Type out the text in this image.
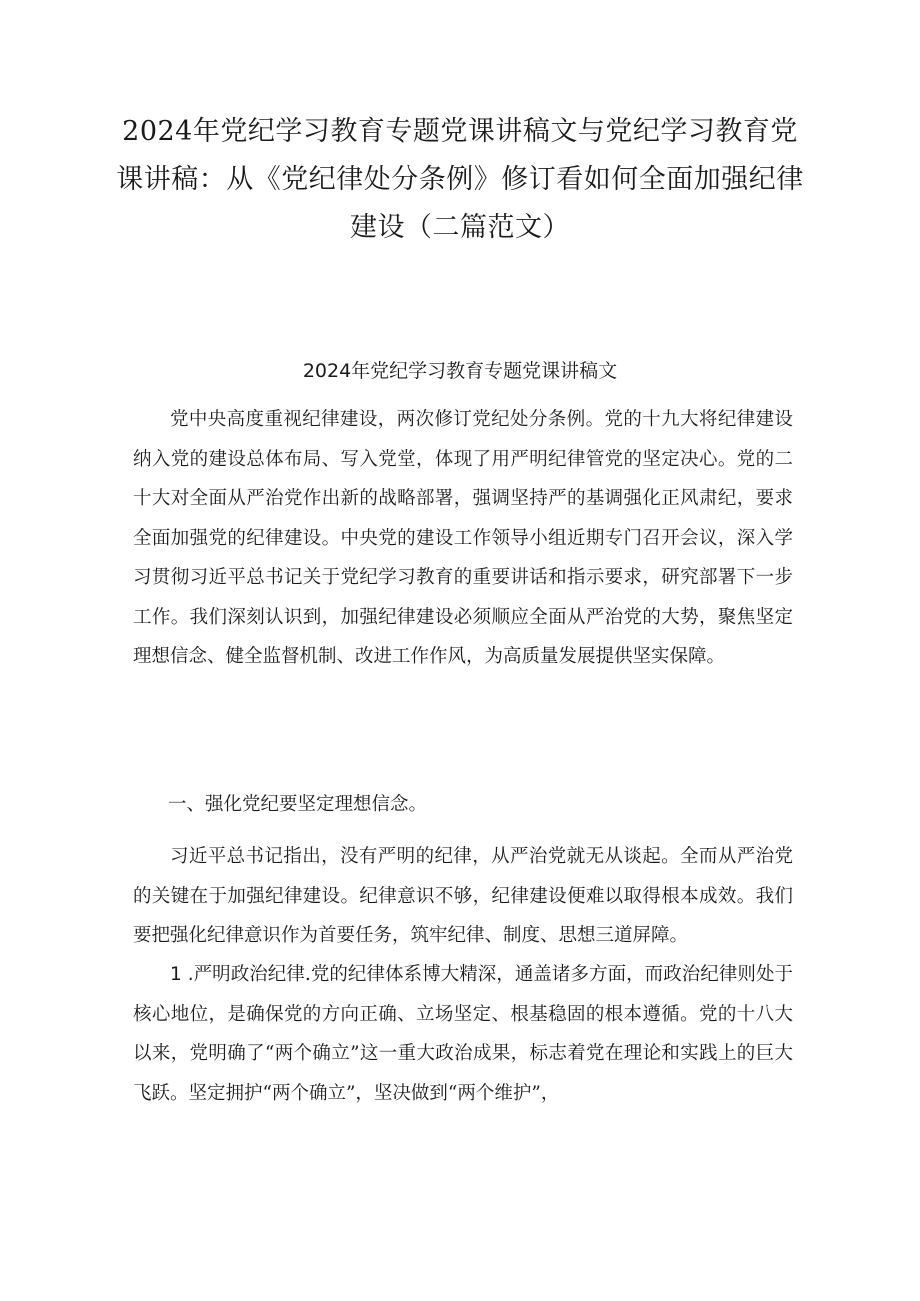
2024年党纪学习教育专题党课讲稿文与党纪学习教育党课讲稿：从《党纪律处分条例》修订看如何全面加强纪律建设（二篇范文）
2024年党纪学习教育专题党课讲稿文

党中央高度重视纪律建设，两次修订党纪处分条例。党的十九大将纪律建设纳入党的建设总体布局、写入党堂，体现了用严明纪律管党的坚定决心。党的二十大对全面从严治党作出新的战略部署，强调坚持严的基调强化正风肃纪，要求全面加强党的纪律建设。中央党的建设工作领导小组近期专门召开会议，深入学习贯彻习近平总书记关于党纪学习教育的重要讲话和指示要求，研究部署下一步工作。我们深刻认识到，加强纪律建设必须顺应全面从严治党的大势，聚焦坚定理想信念、健全监督机制、改进工作作风，为高质量发展提供坚实保障。

一、强化党纪要坚定理想信念。

习近平总书记指出，没有严明的纪律，从严治党就无从谈起。全而从严治党的关键在于加强纪律建设。纪律意识不够，纪律建设便难以取得根本成效。我们要把强化纪律意识作为首要任务，筑牢纪律、制度、思想三道屏障。

1 .严明政治纪律.党的纪律体系博大精深，通盖诸多方面，而政治纪律则处于核心地位，是确保党的方向正确、立场坚定、根基稳固的根本遵循。党的十八大以来，党明确了“两个确立”这一重大政治成果，标志着党在理论和实践上的巨大飞跃。坚定拥护“两个确立”，坚决做到“两个维护”，
